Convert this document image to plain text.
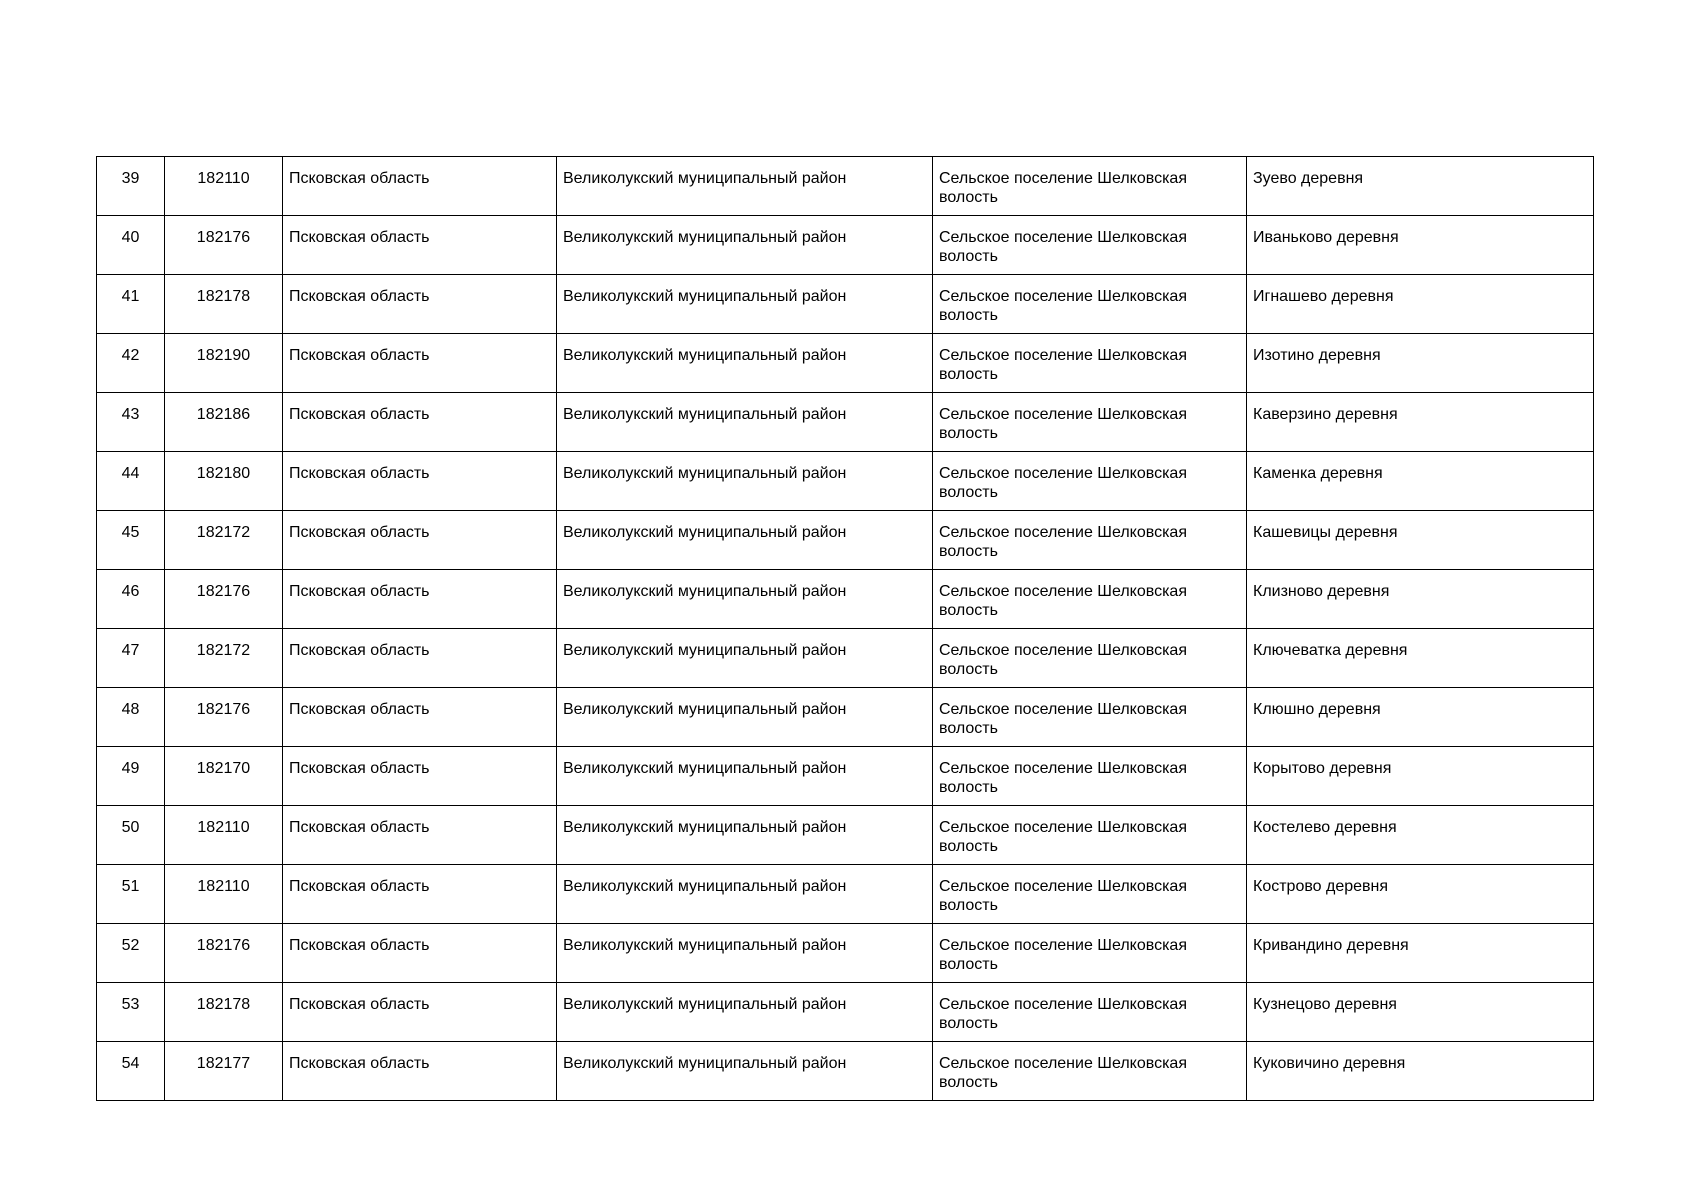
39	182110	Псковская область	Великолукский муниципальный район	Сельское поселение Шелковская волость	Зуево деревня
40	182176	Псковская область	Великолукский муниципальный район	Сельское поселение Шелковская волость	Иваньково деревня
41	182178	Псковская область	Великолукский муниципальный район	Сельское поселение Шелковская волость	Игнашево деревня
42	182190	Псковская область	Великолукский муниципальный район	Сельское поселение Шелковская волость	Изотино деревня
43	182186	Псковская область	Великолукский муниципальный район	Сельское поселение Шелковская волость	Каверзино деревня
44	182180	Псковская область	Великолукский муниципальный район	Сельское поселение Шелковская волость	Каменка деревня
45	182172	Псковская область	Великолукский муниципальный район	Сельское поселение Шелковская волость	Кашевицы деревня
46	182176	Псковская область	Великолукский муниципальный район	Сельское поселение Шелковская волость	Клизново деревня
47	182172	Псковская область	Великолукский муниципальный район	Сельское поселение Шелковская волость	Ключеватка деревня
48	182176	Псковская область	Великолукский муниципальный район	Сельское поселение Шелковская волость	Клюшно деревня
49	182170	Псковская область	Великолукский муниципальный район	Сельское поселение Шелковская волость	Корытово деревня
50	182110	Псковская область	Великолукский муниципальный район	Сельское поселение Шелковская волость	Костелево деревня
51	182110	Псковская область	Великолукский муниципальный район	Сельское поселение Шелковская волость	Кострово деревня
52	182176	Псковская область	Великолукский муниципальный район	Сельское поселение Шелковская волость	Кривандино деревня
53	182178	Псковская область	Великолукский муниципальный район	Сельское поселение Шелковская волость	Кузнецово деревня
54	182177	Псковская область	Великолукский муниципальный район	Сельское поселение Шелковская волость	Куковичино деревня
